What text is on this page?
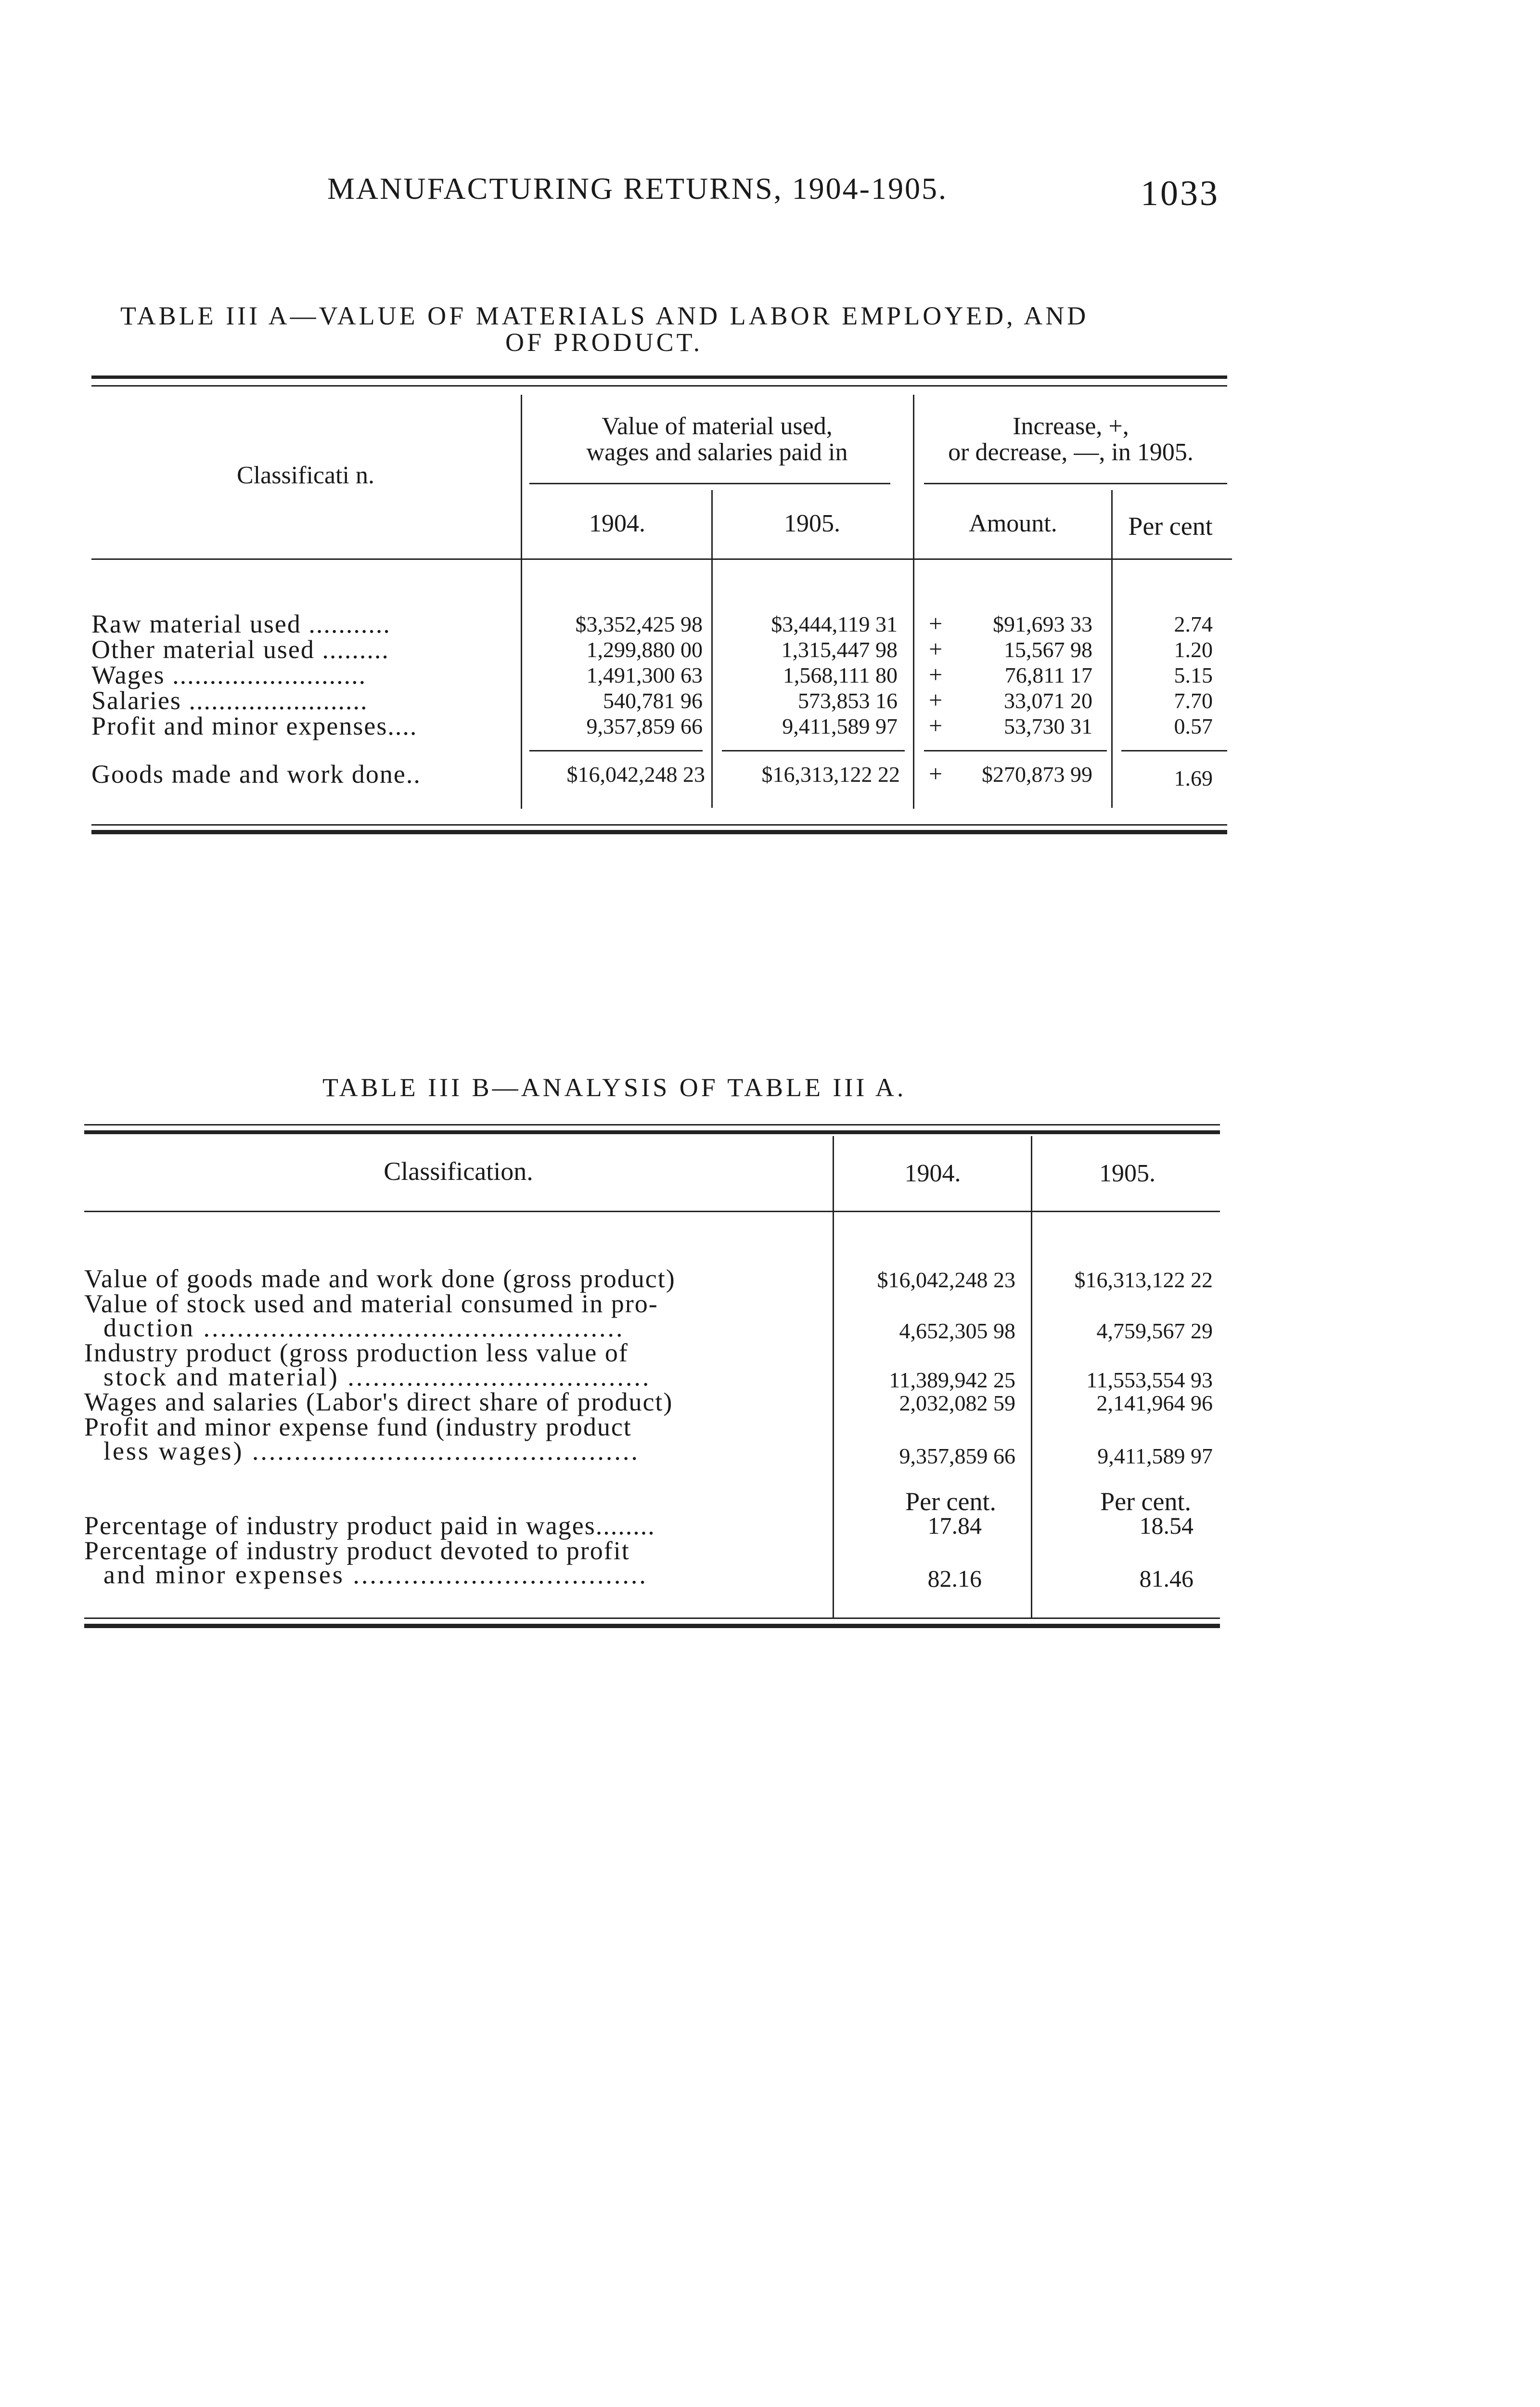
MANUFACTURING RETURNS, 1904-1905.	1033
TABLE III A—VALUE OF MATERIALS AND LABOR EMPLOYED, AND
OF PRODUCT.
Classificati n.
Value of material used,
wages and salaries paid in
Increase, +,
or decrease, —, in 1905.
1904.	1905.	Amount.	Per cent
Raw material used ...........	$3,352,425 98	$3,444,119 31 +	$91,693 33	2.74
Other material used .........	1,299,880 00	1,315,447 98 +	15,567 98	1.20
Wages ..........................	1,491,300 63	1,568,111 80 +	76,811 17	5.15
Salaries ........................	540,781 96	573,853 16 +	33,071 20	7.70
Profit and minor expenses....	9,357,859 66	9,411,589 97 +	53,730 31	0.57
Goods made and work done..	$16,042,248 23	$16,313,122 22 +	$270,873 99	1.69
TABLE III B—ANALYSIS OF TABLE III A.
Classification.	1904.	1905.
Value of goods made and work done (gross product)	$16,042,248 23	$16,313,122 22
Value of stock used and material consumed in pro-
duction ..................................................	4,652,305 98	4,759,567 29
Industry product (gross production less value of
stock and material) ....................................	11,389,942 25	11,553,554 93
Wages and salaries (Labor's direct share of product)	2,032,082 59	2,141,964 96
Profit and minor expense fund (industry product
less wages) ..............................................	9,357,859 66	9,411,589 97
Per cent.	Per cent.
Percentage of industry product paid in wages........	17.84	18.54
Percentage of industry product devoted to profit
and minor expenses ...................................	82.16	81.46
